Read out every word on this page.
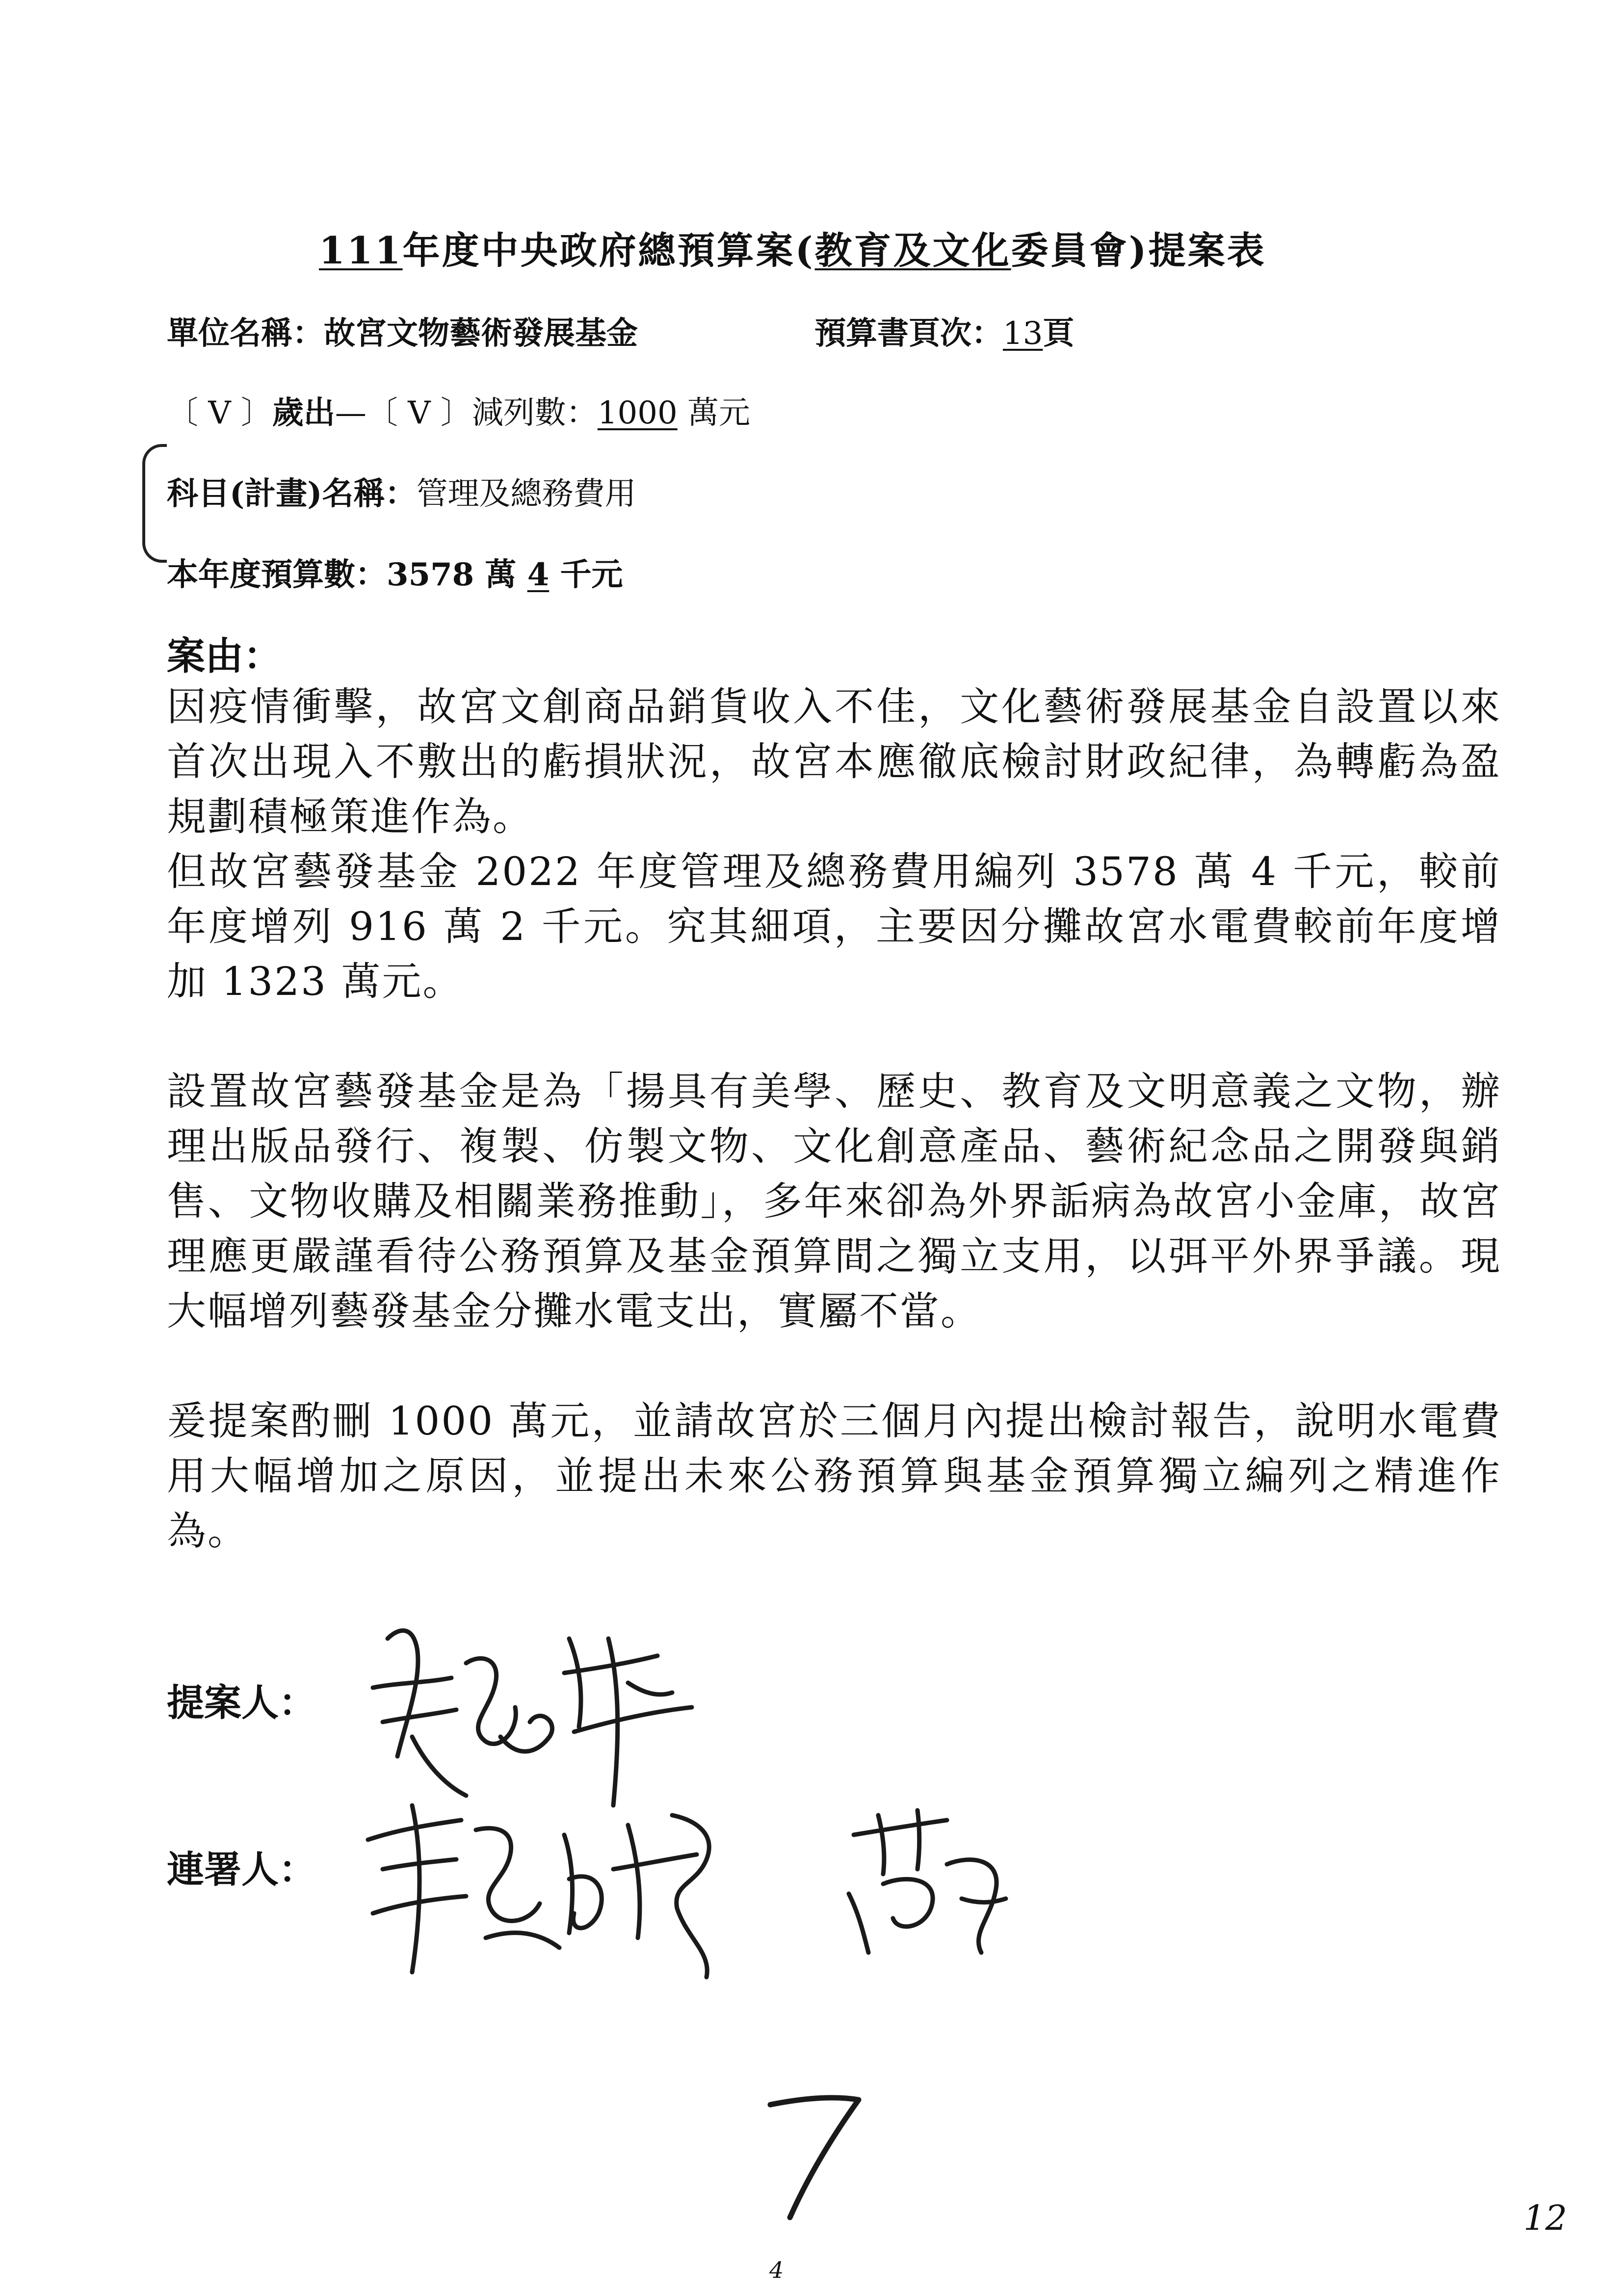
111年度中央政府總預算案(教育及文化委員會)提案表
單位名稱：故宮文物藝術發展基金	預算書頁次：13頁
〔 V 〕歲出—〔 V 〕減列數：1000 萬元
科目(計畫)名稱：管理及總務費用
本年度預算數：3578 萬 4 千元
案由：

因疫情衝擊，故宮文創商品銷貨收入不佳，文化藝術發展基金自設置以來首次出現入不敷出的虧損狀況，故宮本應徹底檢討財政紀律，為轉虧為盈規劃積極策進作為。

但故宮藝發基金 2022 年度管理及總務費用編列 3578 萬 4 千元，較前年度增列 916 萬 2 千元。究其細項，主要因分攤故宮水電費較前年度增加 1323 萬元。

設置故宮藝發基金是為「揚具有美學、歷史、教育及文明意義之文物，辦理出版品發行、複製、仿製文物、文化創意產品、藝術紀念品之開發與銷售、文物收購及相關業務推動」，多年來卻為外界詬病為故宮小金庫，故宮理應更嚴謹看待公務預算及基金預算間之獨立支用，以弭平外界爭議。現大幅增列藝發基金分攤水電支出，實屬不當。

爰提案酌刪 1000 萬元，並請故宮於三個月內提出檢討報告，說明水電費用大幅增加之原因，並提出未來公務預算與基金預算獨立編列之精進作為。

提案人：
連署人：
4
12
